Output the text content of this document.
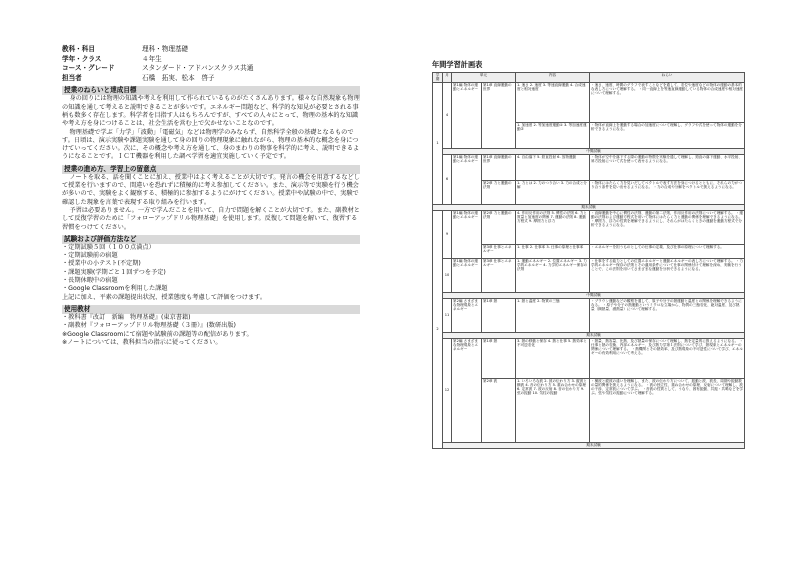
教科・科目	理科・物理基礎
学年・クラス	４年生
コース・グレード	スタンダード・アドバンスクラス共通
担当者	石橋　拓実、松本　啓子
授業のねらいと達成目標

身の回りには物理の知識や考えを利用して作られているものがたくさんあります。様々な自然現象も物理の知識を通して考えると説明できることが多いです。エネルギー問題など、科学的な知見が必要とされる事柄も数多く存在します。科学者を目指す人はもちろんですが、すべての人々にとって、物理の基本的な知識や考え方を身につけることは、社会生活を営む上で欠かせないことなのです。

物理基礎で学ぶ「力学」「波動」「電磁気」などは物理学のみならず、自然科学全般の基礎となるものです。日頃は、演示実験や課題実験を通して身の回りの物理現象に触れながら、物理の基本的な概念を身につけていってください。次に、その概念や考え方を通して、身のまわりの物事を科学的に考え、説明できるようになることです。ＩＣＴ機器を利用した調べ学習を適宜実施していく予定です。

授業の進め方、学習上の留意点

ノートを取る、話を聞くことに加え、授業中はよく考えることが大切です。発言の機会を用意するなどして授業を行いますので、間違いを恐れずに積極的に考え参加してください。また、演示等で実験を行う機会が多いので、実験をよく観察する、積極的に参加するようにがけてください。授業中や試験の中で、実験で確認した現象を言葉で表現する取り組みを行います。

予習は必要ありません。一方で学んだことを用いて、自力で問題を解くことが大切です。また、副教材として反復学習のために「フォローアップドリル物理基礎」を使用します。反復して問題を解いて、復習する習慣をつけてください。

試験および評価方法など
・定期試験５回（１００点満点）
・定期試験前の宿題
・授業中の小テスト(不定期)
・課題実験(学期ごと１回ずつを予定)
・長期休暇中の宿題
・Google Classroomを利用した課題
上記に加え、平素の課題提出状況、授業態度も考慮して評価をつけます。
使用教材
・教科書『改訂　新編　物理基礎』(東京書籍)
・副教材『フォローアップドリル物理基礎（３冊）』(数研出版)
※Google Classroomにて宿題や試験前の課題等の配信があります。
※ノートについては、教科担当の指示に従ってください。
年間学習計画表
学期	月	単元		内容	ねらい
1	4	第1編 物体の運動とエネルギー	第1章 直線運動の世界	1. 速さ 2. 速度 3. 等速直線運動 4. 合成速度と相対速度	・速さ、速度、時間のグラフで表すことなどを通して、変位や速度などの物体の運動の基本的な表し方について理解する。 ・同一直線上を等速直線運動している物体の合成速度や相対速度について理解する。
				1. 加速度 2. 等加速度運動① 3. 等加速度運動②	・物体が直線上を運動する場合の加速度について理解し、グラフや式を使って物体の運動を分析できるようになる。
	中間試験				
	6	第1編 物体の運動とエネルギー	第1章 直線運動の世界	4. 自由落下 5. 鉛直投射 6. 放物運動	・物体が空中を落下する際の運動の特徴を実験を通して理解し、鉛直の落下運動、水平投射、斜方投射について式を使って表せるようになる。
			第2章 力と運動の法則	1. 力とは 2. 力のつり合い 3. 力の合成と分解	・物体にはたらく力を見いだしてベクトルで表す方法を身につけるとともに、それらの力がつり合う条件を見い出せるようになる。 ・力の合成や分解をベクトルで扱えるようになる。
期末試験					
2	9	第1編 物体の運動とエネルギー	第2章 力と運動の法則	4. 作用反作用の法則 5. 慣性の法則 6. 力と質量と加速度の関係 7. 運動の法則 8. 運動方程式 9. 摩擦力と浮力	・直線運動を中心に慣性の法則、運動の第二法則、作用反作用の法則について理解する。 ・運動の法則および運動方程式を用いて物体にはたらく力と運動の関係を理解できるようになる。 ・摩擦力、浮力の性質を理解できるようにし、それらがはたらくときの運動を運動方程式で分析できるようになる。
			第3章 仕事とエネルギー	1. 仕事 2. 仕事率 3. 仕事の原理と仕事率	・エネルギーを担うものとしての仕事の定義、及び仕事の原理について理解する。
	10	第1編 物体の運動とエネルギー	第3章 仕事とエネルギー	1. 運動エネルギー 2. 位置エネルギー 3. 力学的エネルギー 4. 力学的エネルギー保存の法則	・仕事をする能力としての位置エネルギーと運動エネルギーの表し方について理解する。 ・力学的エネルギー保存の法則とその適用条件について仕事の関係付けて理解を深め、実験を行うことで、この法則を用いてさまざまな運動を分析できるようになる。
	中間試験				
	11	第2編 さまざまな物理現象とエネルギー	第1章 熱	1. 熱と温度 2. 物質の三態	・ブラウン運動などの観察を通して、原子や分子の熱運動と温度との関係を理解できるようになる。 ・原子や分子の熱運動というミクロな立場から、物質の三態変化、絶対温度、及び熱量（顕熱量、潜熱量）について理解する。
	期末試験				
	12	第2編 さまざまな物理現象とエネルギー	第1章 熱	3. 熱の移動と保存 4. 熱と仕事 5. 熱効率と不可逆変化	・熱量、熱容量、比熱、及び熱量の保存について理解し、熱を定量的に扱えるようになる。 ・仕事と熱の変換、内部エネルギー、及び熱力学第１法則について学び、熱現象とエネルギーの関係について理解する。 ・熱機関とその熱効率、及び熱現象の不可逆性について学び、エネルギーの有効利用について考える。
			第2章 波	1. いろいろな波 2. 波の伝わり方 3. 縦波と横波 4. 音の伝わり方 5. 重ね合わせの原理 6. 定常波 7. 波の反射 8. 音の伝わり方 9. 弦の振動 10. 気柱の振動	・横波と縦波の違いを理解し、また、波の伝わり方について、振動と波、波長、周期や振動数の量的関係を扱えるようになる。 ・波の独立性、重ね合わせの原理、反射について理解し、波の干渉、定常波について学ぶ。 ・音波の性質として、うなり、固有振動、共振・共鳴などを学ぶ。弦や気柱の振動について理解する。
	期末試験				
